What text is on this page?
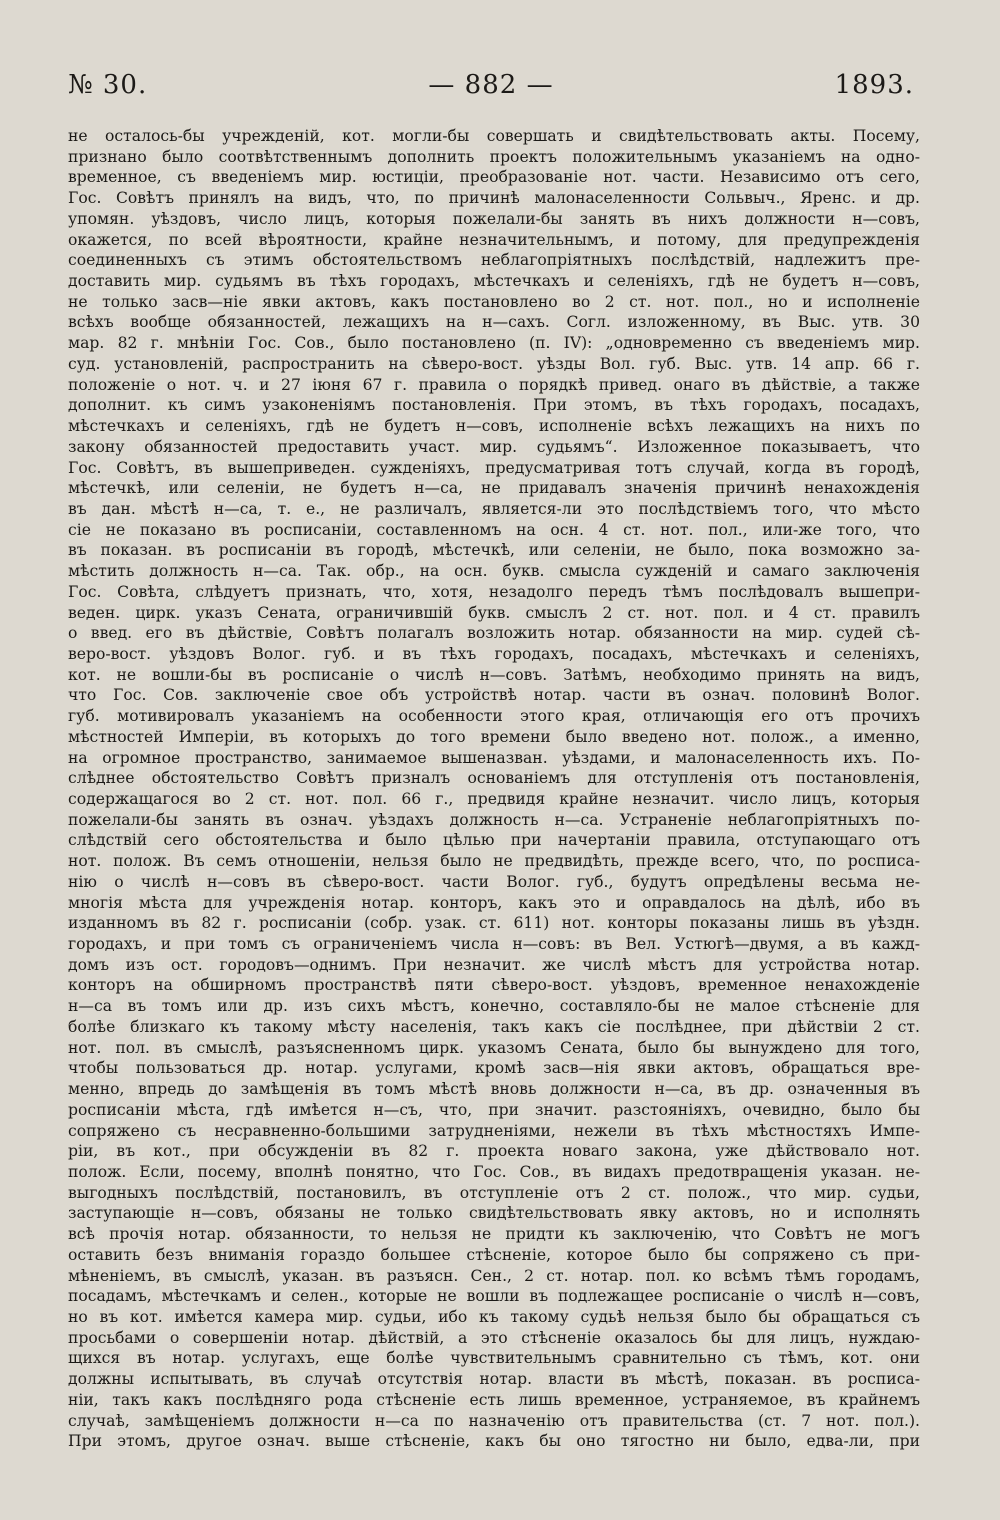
№ 30.	— 882 —	1893.
не осталось-бы учрежденій, кот. могли-бы совершать и свидѣтельствовать акты. Посему,
признано было соотвѣтственнымъ дополнить проектъ положительнымъ указаніемъ на одно-
временное, съ введеніемъ мир. юстиціи, преобразованіе нот. части. Независимо отъ сего,
Гос. Совѣтъ принялъ на видъ, что, по причинѣ малонаселенности Сольвыч., Яренс. и др.
упомян. уѣздовъ, число лицъ, которыя пожелали-бы занять въ нихъ должности н—совъ,
окажется, по всей вѣроятности, крайне незначительнымъ, и потому, для предупрежденія
соединенныхъ съ этимъ обстоятельствомъ неблагопріятныхъ послѣдствій, надлежитъ пре-
доставить мир. судьямъ въ тѣхъ городахъ, мѣстечкахъ и селеніяхъ, гдѣ не будетъ н—совъ,
не только засв—ніе явки актовъ, какъ постановлено во 2 ст. нот. пол., но и исполненіе
всѣхъ вообще обязанностей, лежащихъ на н—сахъ. Согл. изложенному, въ Выс. утв. 30
мар. 82 г. мнѣніи Гос. Сов., было постановлено (п. IV): „одновременно съ введеніемъ мир.
суд. установленій, распространить на сѣверо-вост. уѣзды Вол. губ. Выс. утв. 14 апр. 66 г.
положеніе о нот. ч. и 27 іюня 67 г. правила о порядкѣ привед. онаго въ дѣйствіе, а также
дополнит. къ симъ узаконеніямъ постановленія. При этомъ, въ тѣхъ городахъ, посадахъ,
мѣстечкахъ и селеніяхъ, гдѣ не будетъ н—совъ, исполненіе всѣхъ лежащихъ на нихъ по
закону обязанностей предоставить участ. мир. судьямъ“. Изложенное показываетъ, что
Гос. Совѣтъ, въ вышеприведен. сужденіяхъ, предусматривая тотъ случай, когда въ городѣ,
мѣстечкѣ, или селеніи, не будетъ н—са, не придавалъ значенія причинѣ ненахожденія
въ дан. мѣстѣ н—са, т. е., не различалъ, является-ли это послѣдствіемъ того, что мѣсто
сіе не показано въ росписаніи, составленномъ на осн. 4 ст. нот. пол., или-же того, что
въ показан. въ росписаніи въ городѣ, мѣстечкѣ, или селеніи, не было, пока возможно за-
мѣстить должность н—са. Так. обр., на осн. букв. смысла сужденій и самаго заключенія
Гос. Совѣта, слѣдуетъ признать, что, хотя, незадолго передъ тѣмъ послѣдовалъ вышепри-
веден. цирк. указъ Сената, ограничившій букв. смыслъ 2 ст. нот. пол. и 4 ст. правилъ
о введ. его въ дѣйствіе, Совѣтъ полагалъ возложить нотар. обязанности на мир. судей сѣ-
веро-вост. уѣздовъ Волог. губ. и въ тѣхъ городахъ, посадахъ, мѣстечкахъ и селеніяхъ,
кот. не вошли-бы въ росписаніе о числѣ н—совъ. Затѣмъ, необходимо принять на видъ,
что Гос. Сов. заключеніе свое объ устройствѣ нотар. части въ означ. половинѣ Волог.
губ. мотивировалъ указаніемъ на особенности этого края, отличающія его отъ прочихъ
мѣстностей Имперіи, въ которыхъ до того времени было введено нот. полож., а именно,
на огромное пространство, занимаемое вышеназван. уѣздами, и малонаселенность ихъ. По-
слѣднее обстоятельство Совѣтъ призналъ основаніемъ для отступленія отъ постановленія,
содержащагося во 2 ст. нот. пол. 66 г., предвидя крайне незначит. число лицъ, которыя
пожелали-бы занять въ означ. уѣздахъ должность н—са. Устраненіе неблагопріятныхъ по-
слѣдствій сего обстоятельства и было цѣлью при начертаніи правила, отступающаго отъ
нот. полож. Въ семъ отношеніи, нельзя было не предвидѣть, прежде всего, что, по росписа-
нію о числѣ н—совъ въ сѣверо-вост. части Волог. губ., будутъ опредѣлены весьма не-
многія мѣста для учрежденія нотар. конторъ, какъ это и оправдалось на дѣлѣ, ибо въ
изданномъ въ 82 г. росписаніи (собр. узак. ст. 611) нот. конторы показаны лишь въ уѣздн.
городахъ, и при томъ съ ограниченіемъ числа н—совъ: въ Вел. Устюгѣ—двумя, а въ кажд-
домъ изъ ост. городовъ—однимъ. При незначит. же числѣ мѣстъ для устройства нотар.
конторъ на обширномъ пространствѣ пяти сѣверо-вост. уѣздовъ, временное ненахожденіе
н—са въ томъ или др. изъ сихъ мѣстъ, конечно, составляло-бы не малое стѣсненіе для
болѣе близкаго къ такому мѣсту населенія, такъ какъ сіе послѣднее, при дѣйствіи 2 ст.
нот. пол. въ смыслѣ, разъясненномъ цирк. указомъ Сената, было бы вынуждено для того,
чтобы пользоваться др. нотар. услугами, кромѣ засв—нія явки актовъ, обращаться вре-
менно, впредь до замѣщенія въ томъ мѣстѣ вновь должности н—са, въ др. означенныя въ
росписаніи мѣста, гдѣ имѣется н—съ, что, при значит. разстояніяхъ, очевидно, было бы
сопряжено съ несравненно-большими затрудненіями, нежели въ тѣхъ мѣстностяхъ Импе-
ріи, въ кот., при обсужденіи въ 82 г. проекта новаго закона, уже дѣйствовало нот.
полож. Если, посему, вполнѣ понятно, что Гос. Сов., въ видахъ предотвращенія указан. не-
выгодныхъ послѣдствій, постановилъ, въ отступленіе отъ 2 ст. полож., что мир. судьи,
заступающіе н—совъ, обязаны не только свидѣтельствовать явку актовъ, но и исполнять
всѣ прочія нотар. обязанности, то нельзя не придти къ заключенію, что Совѣтъ не могъ
оставить безъ вниманія гораздо большее стѣсненіе, которое было бы сопряжено съ при-
мѣненіемъ, въ смыслѣ, указан. въ разъясн. Сен., 2 ст. нотар. пол. ко всѣмъ тѣмъ городамъ,
посадамъ, мѣстечкамъ и селен., которые не вошли въ подлежащее росписаніе о числѣ н—совъ,
но въ кот. имѣется камера мир. судьи, ибо къ такому судьѣ нельзя было бы обращаться съ
просьбами о совершеніи нотар. дѣйствій, а это стѣсненіе оказалось бы для лицъ, нуждаю-
щихся въ нотар. услугахъ, еще болѣе чувствительнымъ сравнительно съ тѣмъ, кот. они
должны испытывать, въ случаѣ отсутствія нотар. власти въ мѣстѣ, показан. въ росписа-
ніи, такъ какъ послѣдняго рода стѣсненіе есть лишь временное, устраняемое, въ крайнемъ
случаѣ, замѣщеніемъ должности н—са по назначенію отъ правительства (ст. 7 нот. пол.).
При этомъ, другое означ. выше стѣсненіе, какъ бы оно тягостно ни было, едва-ли, при
